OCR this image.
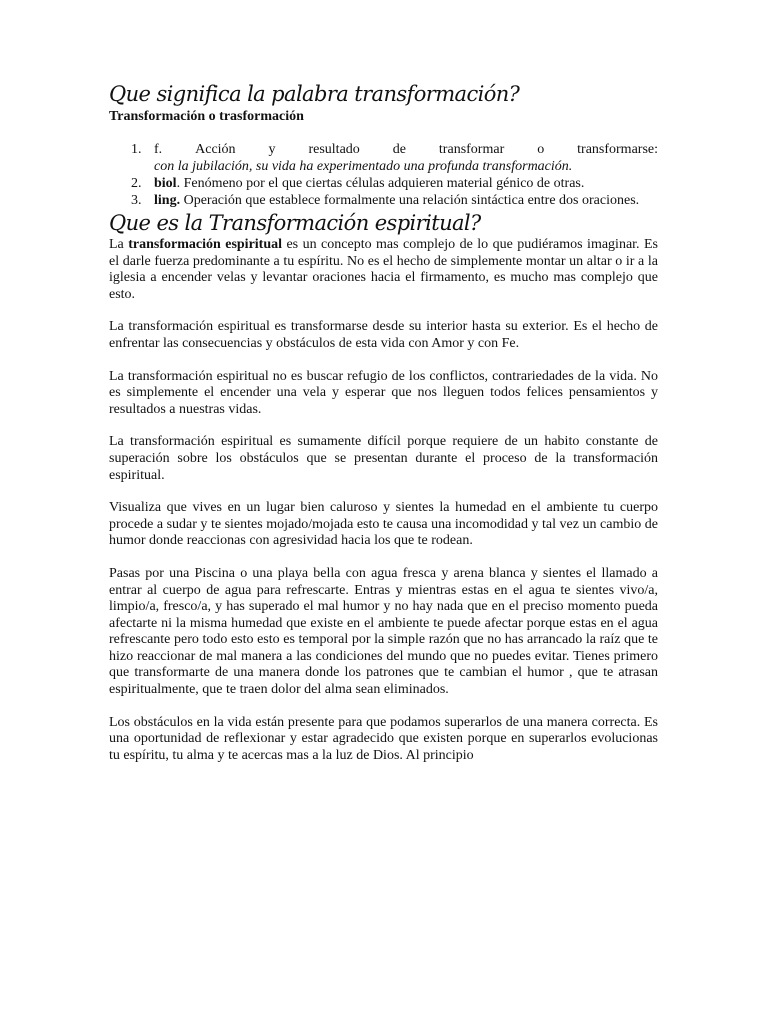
Que significa la palabra transformación?
Transformación o trasformación
1. f. Acción y resultado de transformar o transformarse:
con la jubilación, su vida ha experimentado una profunda transformación.
2. biol. Fenómeno por el que ciertas células adquieren material génico de otras.
3. ling. Operación que establece formalmente una relación sintáctica entre dos oraciones.
Que es la Transformación espiritual?

La transformación espiritual es un concepto mas complejo de lo que pudiéramos imaginar. Es el darle fuerza predominante a tu espíritu. No es el hecho de simplemente montar un altar o ir a la iglesia a encender velas y levantar oraciones hacia el firmamento, es mucho mas complejo que esto.

La transformación espiritual es transformarse desde su interior hasta su exterior. Es el hecho de enfrentar las consecuencias y obstáculos de esta vida con Amor y con Fe.

La transformación espiritual no es buscar refugio de los conflictos, contrariedades de la vida. No es simplemente el encender una vela y esperar que nos lleguen todos felices pensamientos y resultados a nuestras vidas.

La transformación espiritual es sumamente difícil porque requiere de un habito constante de superación sobre los obstáculos que se presentan durante el proceso de la transformación espiritual.

Visualiza que vives en un lugar bien caluroso y sientes la humedad en el ambiente tu cuerpo procede a sudar y te sientes mojado/mojada esto te causa una incomodidad y tal vez un cambio de humor donde reaccionas con agresividad hacia los que te rodean.

Pasas por una Piscina o una playa bella con agua fresca y arena blanca y sientes el llamado a entrar al cuerpo de agua para refrescarte. Entras y mientras estas en el agua te sientes vivo/a, limpio/a, fresco/a, y has superado el mal humor y no hay nada que en el preciso momento pueda afectarte ni la misma humedad que existe en el ambiente te puede afectar porque estas en el agua refrescante pero todo esto esto es temporal por la simple razón que no has arrancado la raíz que te hizo reaccionar de mal manera a las condiciones del mundo que no puedes evitar. Tienes primero que transformarte de una manera donde los patrones que te cambian el humor , que te atrasan espiritualmente, que te traen dolor del alma sean eliminados.

Los obstáculos en la vida están presente para que podamos superarlos de una manera correcta. Es una oportunidad de reflexionar y estar agradecido que existen porque en superarlos evolucionas tu espíritu, tu alma y te acercas mas a la luz de Dios. Al principio
